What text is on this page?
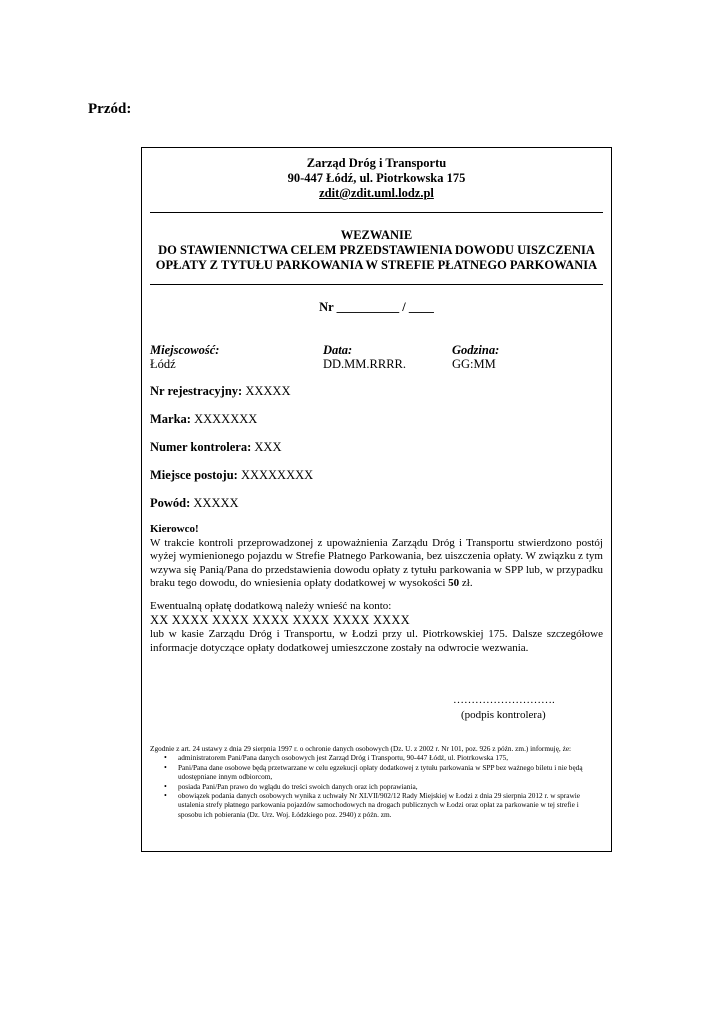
Przód:
Zarząd Dróg i Transportu
90-447 Łódź, ul. Piotrkowska 175
zdit@zdit.uml.lodz.pl
WEZWANIE
DO STAWIENNICTWA CELEM PRZEDSTAWIENIA DOWODU UISZCZENIA
OPŁATY Z TYTUŁU PARKOWANIA W STREFIE PŁATNEGO PARKOWANIA
Nr __________ / ____
Miejscowość:
Łódź
Data:
DD.MM.RRRR.
Godzina:
GG:MM
Nr rejestracyjny: XXXXX
Marka: XXXXXXX
Numer kontrolera: XXX
Miejsce postoju: XXXXXXXX
Powód: XXXXX
Kierowco!
W trakcie kontroli przeprowadzonej z upoważnienia Zarządu Dróg i Transportu stwierdzono postój wyżej wymienionego pojazdu w Strefie Płatnego Parkowania, bez uiszczenia opłaty. W związku z tym wzywa się Panią/Pana do przedstawienia dowodu opłaty z tytułu parkowania w SPP lub, w przypadku braku tego dowodu, do wniesienia opłaty dodatkowej w wysokości 50 zł.
Ewentualną opłatę dodatkową należy wnieść na konto:
XX XXXX XXXX XXXX XXXX XXXX XXXX
lub w kasie Zarządu Dróg i Transportu, w Łodzi przy ul. Piotrkowskiej 175. Dalsze szczegółowe informacje dotyczące opłaty dodatkowej umieszczone zostały na odwrocie wezwania.
……………………….
(podpis kontrolera)
Zgodnie z art. 24 ustawy z dnia 29 sierpnia 1997 r. o ochronie danych osobowych (Dz. U. z 2002 r. Nr 101, poz. 926 z późn. zm.) informuję, że:
• administratorem Pani/Pana danych osobowych jest Zarząd Dróg i Transportu, 90-447 Łódź, ul. Piotrkowska 175,
• Pani/Pana dane osobowe będą przetwarzane w celu egzekucji opłaty dodatkowej z tytułu parkowania w SPP bez ważnego biletu i nie będą udostępniane innym odbiorcom,
• posiada Pani/Pan prawo do wglądu do treści swoich danych oraz ich poprawiania,
• obowiązek podania danych osobowych wynika z uchwały Nr XLVII/902/12 Rady Miejskiej w Łodzi z dnia 29 sierpnia 2012 r. w sprawie ustalenia strefy płatnego parkowania pojazdów samochodowych na drogach publicznych w Łodzi oraz opłat za parkowanie w tej strefie i sposobu ich pobierania (Dz. Urz. Woj. Łódzkiego poz. 2940) z późn. zm.
